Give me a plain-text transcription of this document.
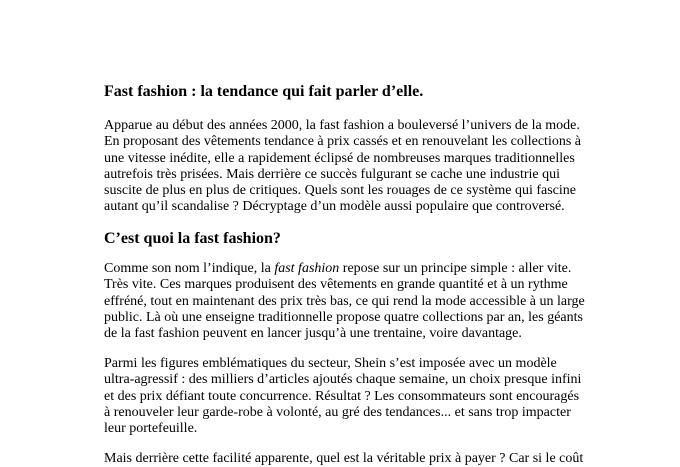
Fast fashion : la tendance qui fait parler d’elle.
Apparue au début des années 2000, la fast fashion a bouleversé l’univers de la mode.
En proposant des vêtements tendance à prix cassés et en renouvelant les collections à
une vitesse inédite, elle a rapidement éclipsé de nombreuses marques traditionnelles
autrefois très prisées. Mais derrière ce succès fulgurant se cache une industrie qui
suscite de plus en plus de critiques. Quels sont les rouages de ce système qui fascine
autant qu’il scandalise ? Décryptage d’un modèle aussi populaire que controversé.
C’est quoi la fast fashion?
Comme son nom l’indique, la fast fashion repose sur un principe simple : aller vite.
Très vite. Ces marques produisent des vêtements en grande quantité et à un rythme
effréné, tout en maintenant des prix très bas, ce qui rend la mode accessible à un large
public. Là où une enseigne traditionnelle propose quatre collections par an, les géants
de la fast fashion peuvent en lancer jusqu’à une trentaine, voire davantage.
Parmi les figures emblématiques du secteur, Shein s’est imposée avec un modèle
ultra-agressif : des milliers d’articles ajoutés chaque semaine, un choix presque infini
et des prix défiant toute concurrence. Résultat ? Les consommateurs sont encouragés
à renouveler leur garde-robe à volonté, au gré des tendances... et sans trop impacter
leur portefeuille.
Mais derrière cette facilité apparente, quel est la véritable prix à payer ? Car si le coût
